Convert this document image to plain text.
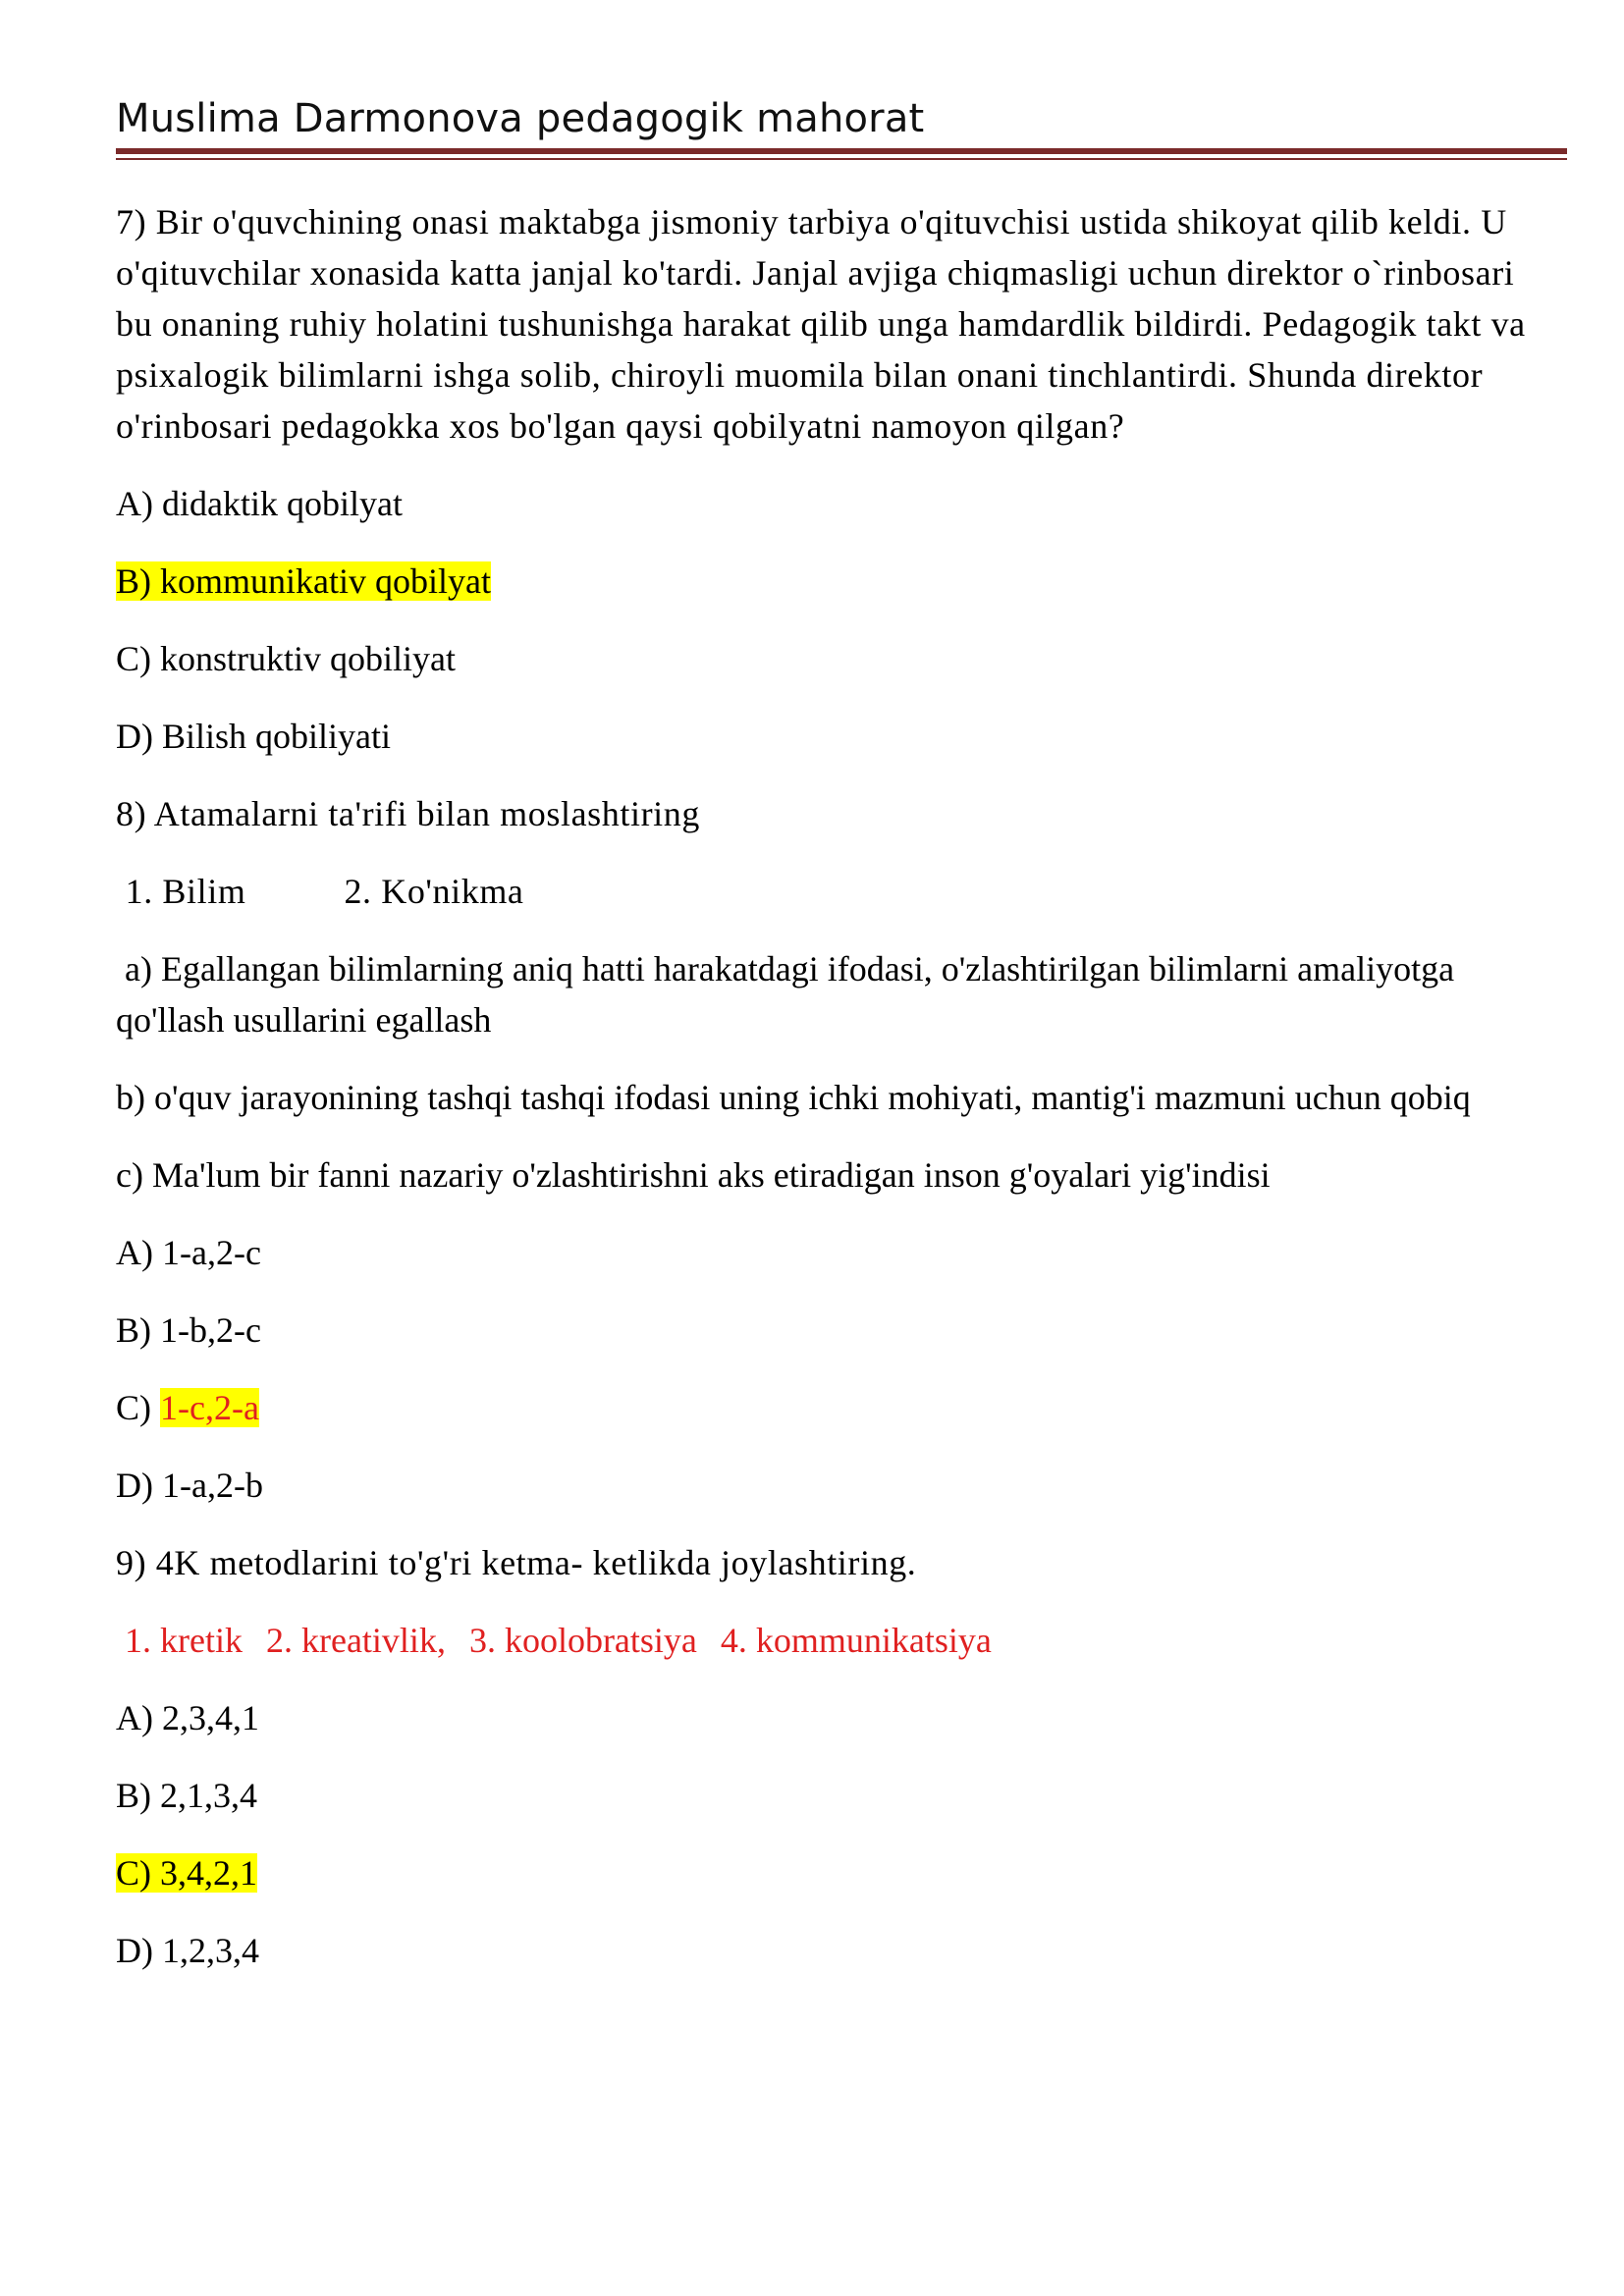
Muslima Darmonova pedagogik mahorat

7) Bir o'quvchining onasi maktabga jismoniy tarbiya o'qituvchisi ustida shikoyat qilib keldi. U o'qituvchilar xonasida katta janjal ko'tardi. Janjal avjiga chiqmasligi uchun direktor o`rinbosari bu onaning ruhiy holatini tushunishga harakat qilib unga hamdardlik bildirdi. Pedagogik takt va psixalogik bilimlarni ishga solib, chiroyli muomila bilan onani tinchlantirdi. Shunda direktor o'rinbosari pedagokka xos bo'lgan qaysi qobilyatni namoyon qilgan?

A) didaktik qobilyat

B) kommunikativ qobilyat

C) konstruktiv qobiliyat

D) Bilish qobiliyati

8) Atamalarni ta'rifi bilan moslashtiring

1. Bilim	2. Ko'nikma

a) Egallangan bilimlarning aniq hatti harakatdagi ifodasi, o'zlashtirilgan bilimlarni amaliyotga qo'llash usullarini egallash

b) o'quv jarayonining tashqi tashqi ifodasi uning ichki mohiyati, mantig'i mazmuni uchun qobiq

c) Ma'lum bir fanni nazariy o'zlashtirishni aks etiradigan inson g'oyalari yig'indisi

A) 1-a,2-c

B) 1-b,2-c

C) 1-c,2-a

D) 1-a,2-b

9) 4K metodlarini to'g'ri ketma- ketlikda joylashtiring.

1. kretik 2. kreativlik, 3. koolobratsiya 4. kommunikatsiya

A) 2,3,4,1

B) 2,1,3,4

C) 3,4,2,1

D) 1,2,3,4
